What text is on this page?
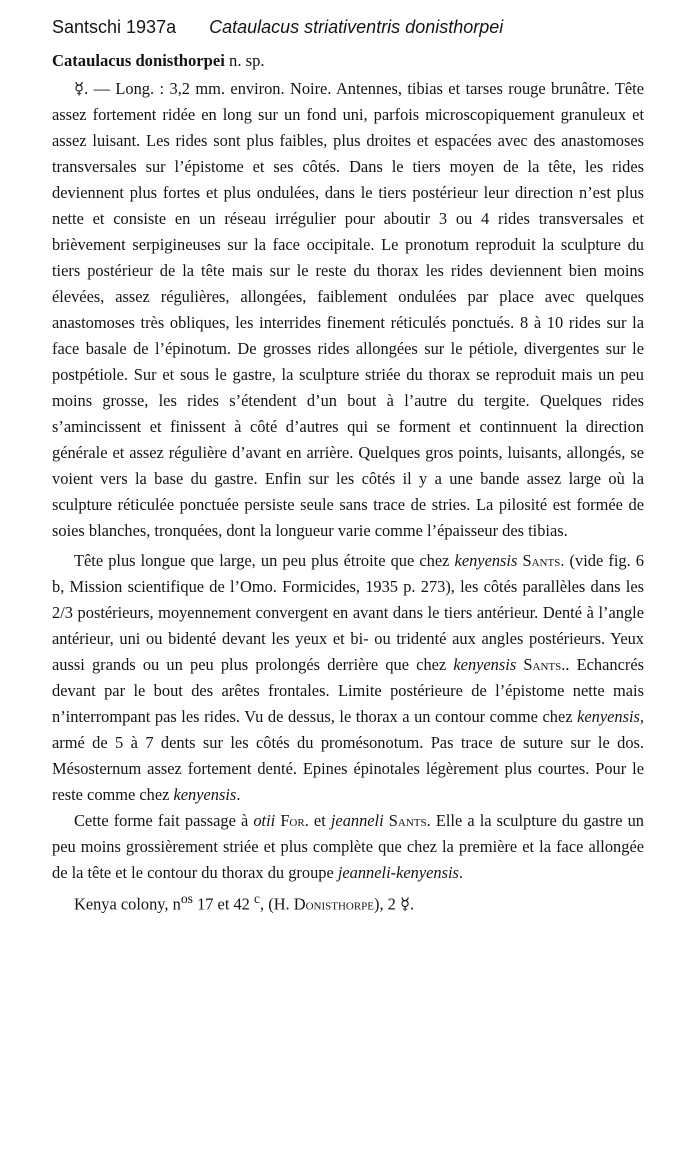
Santschi 1937a Cataulacus striativentris donisthorpei
Cataulacus donisthorpei n. sp.

☿. — Long. : 3,2 mm. environ. Noire. Antennes, tibias et tarses rouge brunâtre. Tête assez fortement ridée en long sur un fond uni, parfois microscopiquement granuleux et assez luisant. Les rides sont plus faibles, plus droites et espacées avec des anastomoses transversales sur l’épistome et ses côtés. Dans le tiers moyen de la tête, les rides deviennent plus fortes et plus ondulées, dans le tiers postérieur leur direction n’est plus nette et consiste en un réseau irrégulier pour aboutir 3 ou 4 rides transversales et brièvement serpigineuses sur la face occipitale. Le pronotum reproduit la sculpture du tiers postérieur de la tête mais sur le reste du thorax les rides deviennent bien moins élevées, assez régulières, allongées, faiblement ondulées par place avec quelques anastomoses très obliques, les interrides finement réticulés ponctués. 8 à 10 rides sur la face basale de l’épinotum. De grosses rides allongées sur le pétiole, divergentes sur le postpétiole. Sur et sous le gastre, la sculpture striée du thorax se reproduit mais un peu moins grosse, les rides s’étendent d’un bout à l’autre du tergite. Quelques rides s’amincissent et finissent à côté d’autres qui se forment et continnuent la direction générale et assez régulière d’avant en arrière. Quelques gros points, luisants, allongés, se voient vers la base du gastre. Enfin sur les côtés il y a une bande assez large où la sculpture réticulée ponctuée persiste seule sans trace de stries. La pilosité est formée de soies blanches, tronquées, dont la longueur varie comme l’épaisseur des tibias.

Tête plus longue que large, un peu plus étroite que chez kenyensis Sants. (vide fig. 6 b, Mission scientifique de l’Omo. Formicides, 1935 p. 273), les côtés parallèles dans les 2/3 postérieurs, moyennement convergent en avant dans le tiers antérieur. Denté à l’angle antérieur, uni ou bidenté devant les yeux et bi- ou tridenté aux angles postérieurs. Yeux aussi grands ou un peu plus prolongés derrière que chez kenyensis Sants.. Echancrés devant par le bout des arêtes frontales. Limite postérieure de l’épistome nette mais n’interrompant pas les rides. Vu de dessus, le thorax a un contour comme chez kenyensis, armé de 5 à 7 dents sur les côtés du promésonotum. Pas trace de suture sur le dos. Mésosternum assez fortement denté. Epines épinotales légèrement plus courtes. Pour le reste comme chez kenyensis.

Cette forme fait passage à otii For. et jeanneli Sants. Elle a la sculpture du gastre un peu moins grossièrement striée et plus complète que chez la première et la face allongée de la tête et le contour du thorax du groupe jeanneli-kenyensis.

Kenya colony, $n^{os}$ 17 et 42 $^c$, (H. Donisthorpe), 2 ☿.
